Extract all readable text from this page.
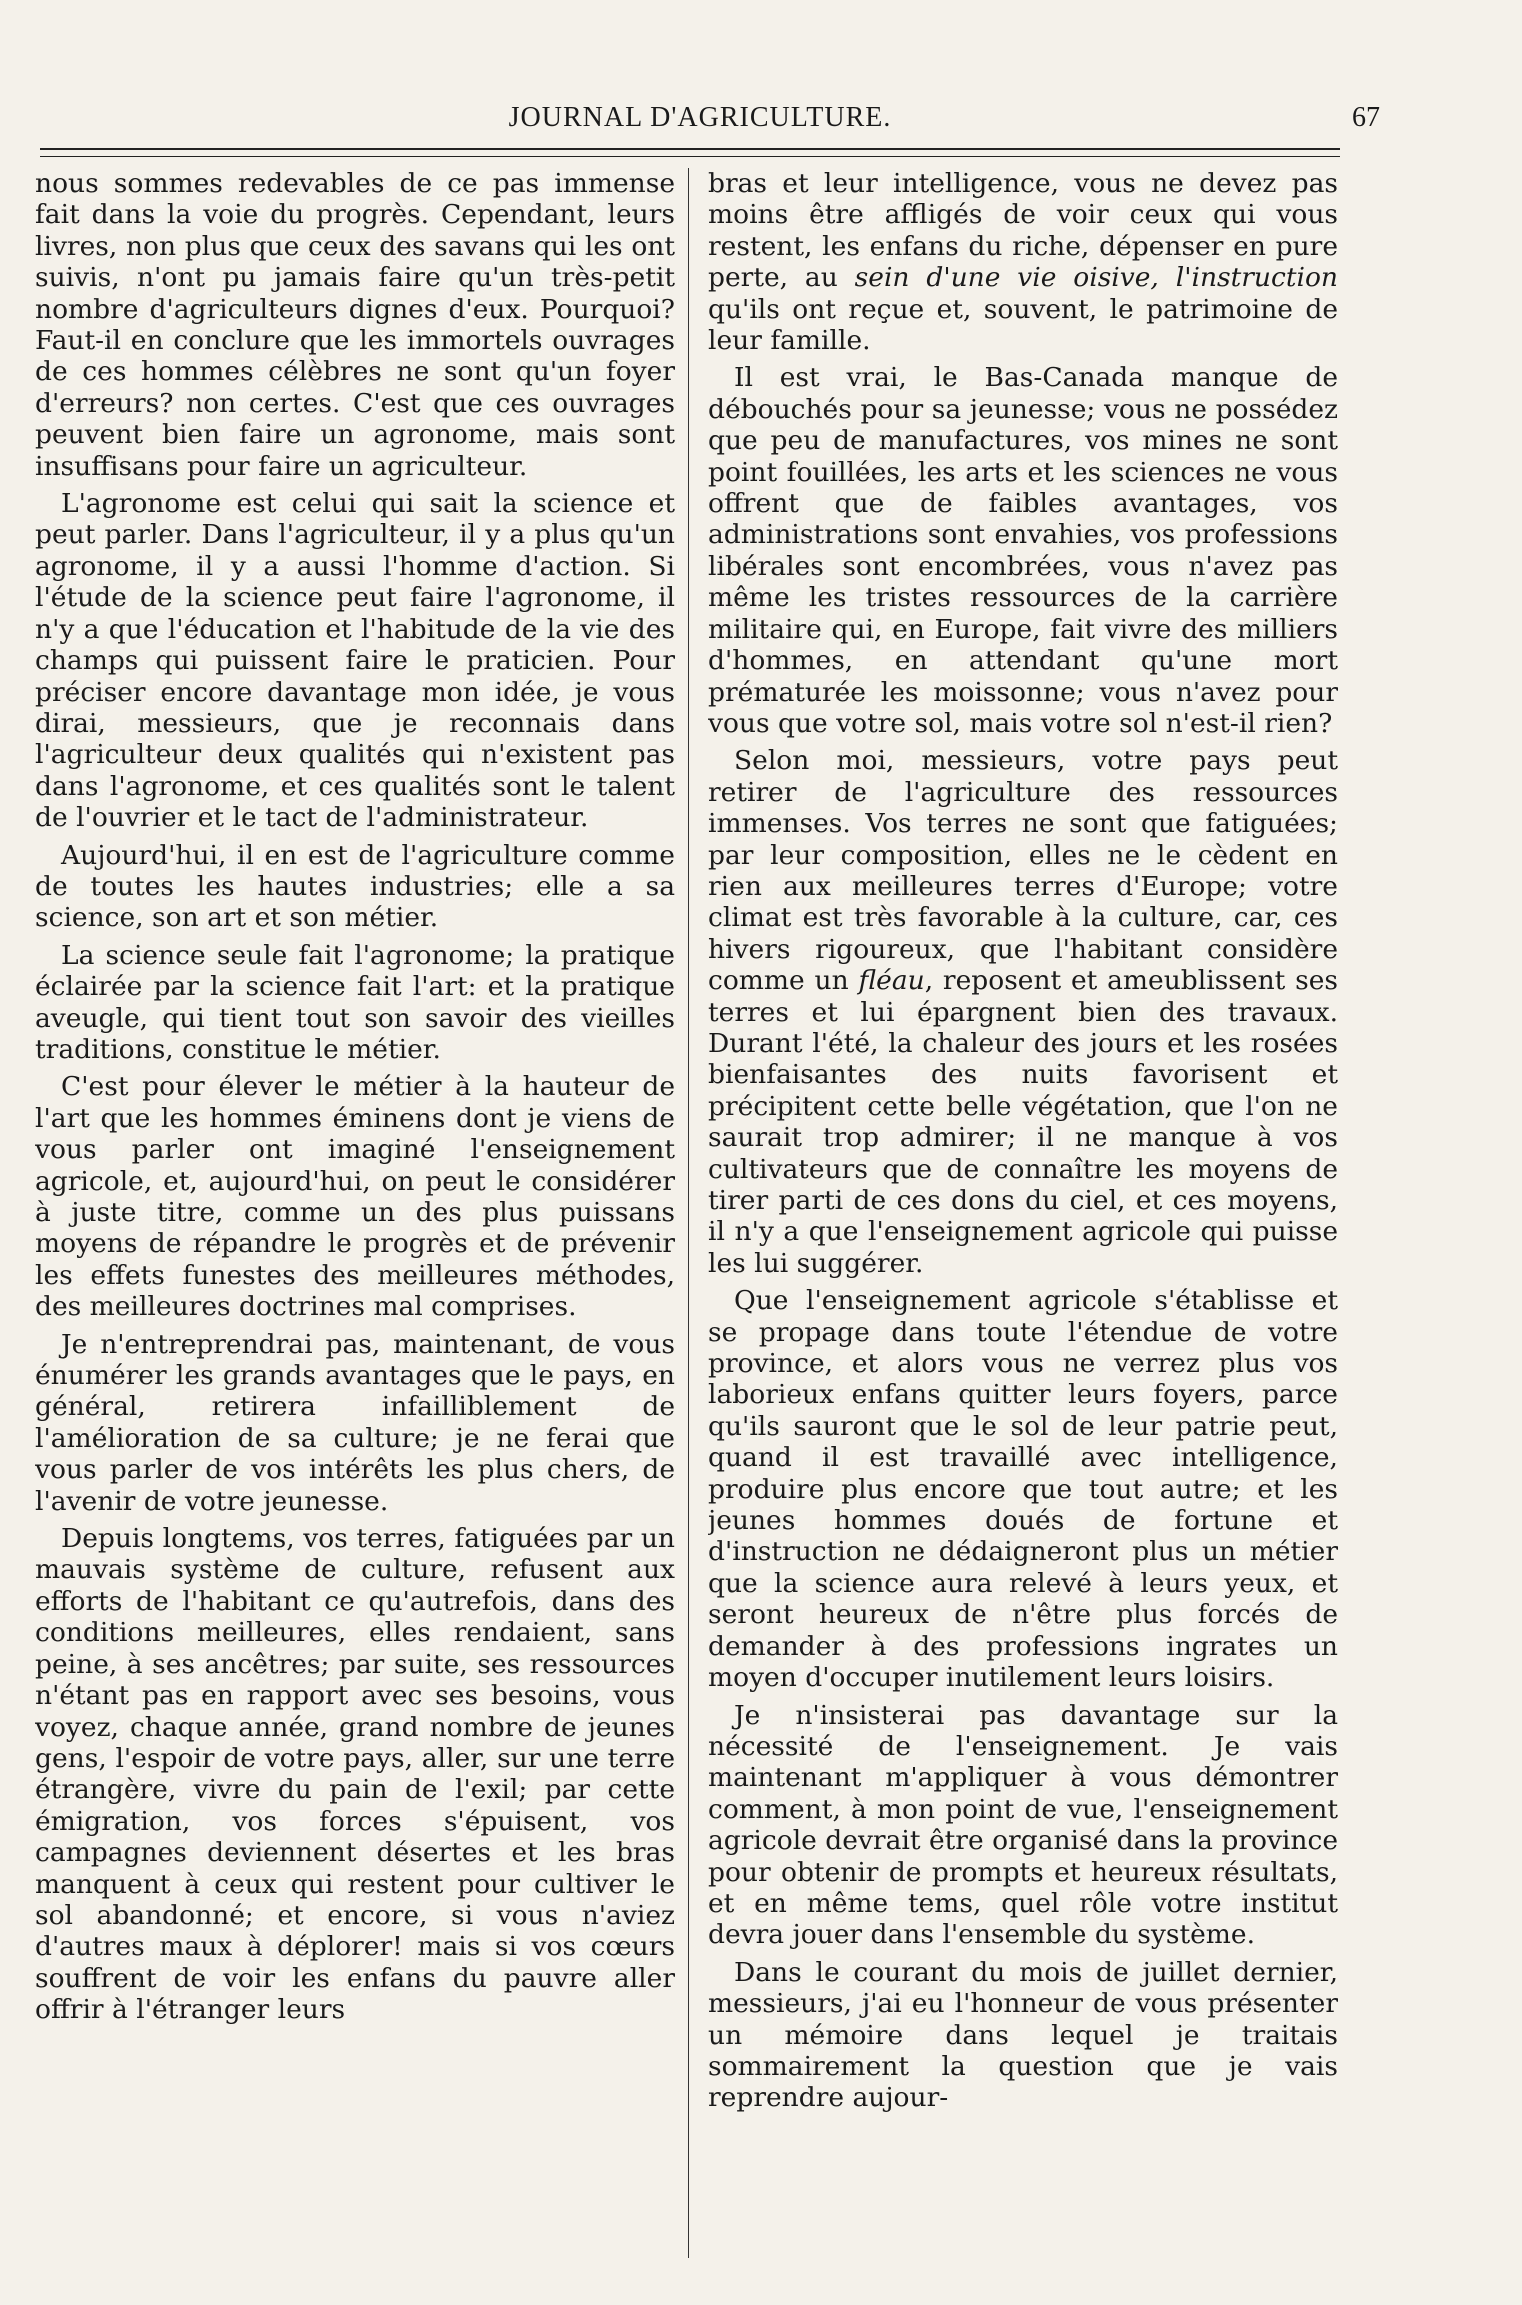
JOURNAL D'AGRICULTURE.	67

nous sommes redevables de ce pas immense fait dans la voie du progrès. Cependant, leurs livres, non plus que ceux des savans qui les ont suivis, n'ont pu jamais faire qu'un très-petit nombre d'agriculteurs dignes d'eux. Pourquoi? Faut-il en conclure que les immortels ouvrages de ces hommes célèbres ne sont qu'un foyer d'erreurs? non certes. C'est que ces ouvrages peuvent bien faire un agronome, mais sont insuffisans pour faire un agriculteur.

L'agronome est celui qui sait la science et peut parler. Dans l'agriculteur, il y a plus qu'un agronome, il y a aussi l'homme d'action. Si l'étude de la science peut faire l'agronome, il n'y a que l'éducation et l'habitude de la vie des champs qui puissent faire le praticien. Pour préciser encore davantage mon idée, je vous dirai, messieurs, que je reconnais dans l'agriculteur deux qualités qui n'existent pas dans l'agronome, et ces qualités sont le talent de l'ouvrier et le tact de l'administrateur.

Aujourd'hui, il en est de l'agriculture comme de toutes les hautes industries; elle a sa science, son art et son métier.

La science seule fait l'agronome; la pratique éclairée par la science fait l'art: et la pratique aveugle, qui tient tout son savoir des vieilles traditions, constitue le métier.

C'est pour élever le métier à la hauteur de l'art que les hommes éminens dont je viens de vous parler ont imaginé l'enseignement agricole, et, aujourd'hui, on peut le considérer à juste titre, comme un des plus puissans moyens de répandre le progrès et de prévenir les effets funestes des meilleures méthodes, des meilleures doctrines mal comprises.

Je n'entreprendrai pas, maintenant, de vous énumérer les grands avantages que le pays, en général, retirera infailliblement de l'amélioration de sa culture; je ne ferai que vous parler de vos intérêts les plus chers, de l'avenir de votre jeunesse.

Depuis longtems, vos terres, fatiguées par un mauvais système de culture, refusent aux efforts de l'habitant ce qu'autrefois, dans des conditions meilleures, elles rendaient, sans peine, à ses ancêtres; par suite, ses ressources n'étant pas en rapport avec ses besoins, vous voyez, chaque année, grand nombre de jeunes gens, l'espoir de votre pays, aller, sur une terre étrangère, vivre du pain de l'exil; par cette émigration, vos forces s'épuisent, vos campagnes deviennent désertes et les bras manquent à ceux qui restent pour cultiver le sol abandonné; et encore, si vous n'aviez d'autres maux à déplorer! mais si vos cœurs souffrent de voir les enfans du pauvre aller offrir à l'étranger leurs

bras et leur intelligence, vous ne devez pas moins être affligés de voir ceux qui vous restent, les enfans du riche, dépenser en pure perte, au sein d'une vie oisive, l'instruction qu'ils ont reçue et, souvent, le patrimoine de leur famille.

Il est vrai, le Bas-Canada manque de débouchés pour sa jeunesse; vous ne possédez que peu de manufactures, vos mines ne sont point fouillées, les arts et les sciences ne vous offrent que de faibles avantages, vos administrations sont envahies, vos professions libérales sont encombrées, vous n'avez pas même les tristes ressources de la carrière militaire qui, en Europe, fait vivre des milliers d'hommes, en attendant qu'une mort prématurée les moissonne; vous n'avez pour vous que votre sol, mais votre sol n'est-il rien?

Selon moi, messieurs, votre pays peut retirer de l'agriculture des ressources immenses. Vos terres ne sont que fatiguées; par leur composition, elles ne le cèdent en rien aux meilleures terres d'Europe; votre climat est très favorable à la culture, car, ces hivers rigoureux, que l'habitant considère comme un fléau, reposent et ameublissent ses terres et lui épargnent bien des travaux. Durant l'été, la chaleur des jours et les rosées bienfaisantes des nuits favorisent et précipitent cette belle végétation, que l'on ne saurait trop admirer; il ne manque à vos cultivateurs que de connaître les moyens de tirer parti de ces dons du ciel, et ces moyens, il n'y a que l'enseignement agricole qui puisse les lui suggérer.

Que l'enseignement agricole s'établisse et se propage dans toute l'étendue de votre province, et alors vous ne verrez plus vos laborieux enfans quitter leurs foyers, parce qu'ils sauront que le sol de leur patrie peut, quand il est travaillé avec intelligence, produire plus encore que tout autre; et les jeunes hommes doués de fortune et d'instruction ne dédaigneront plus un métier que la science aura relevé à leurs yeux, et seront heureux de n'être plus forcés de demander à des professions ingrates un moyen d'occuper inutilement leurs loisirs.

Je n'insisterai pas davantage sur la nécessité de l'enseignement. Je vais maintenant m'appliquer à vous démontrer comment, à mon point de vue, l'enseignement agricole devrait être organisé dans la province pour obtenir de prompts et heureux résultats, et en même tems, quel rôle votre institut devra jouer dans l'ensemble du système.

Dans le courant du mois de juillet dernier, messieurs, j'ai eu l'honneur de vous présenter un mémoire dans lequel je traitais sommairement la question que je vais reprendre aujour-
